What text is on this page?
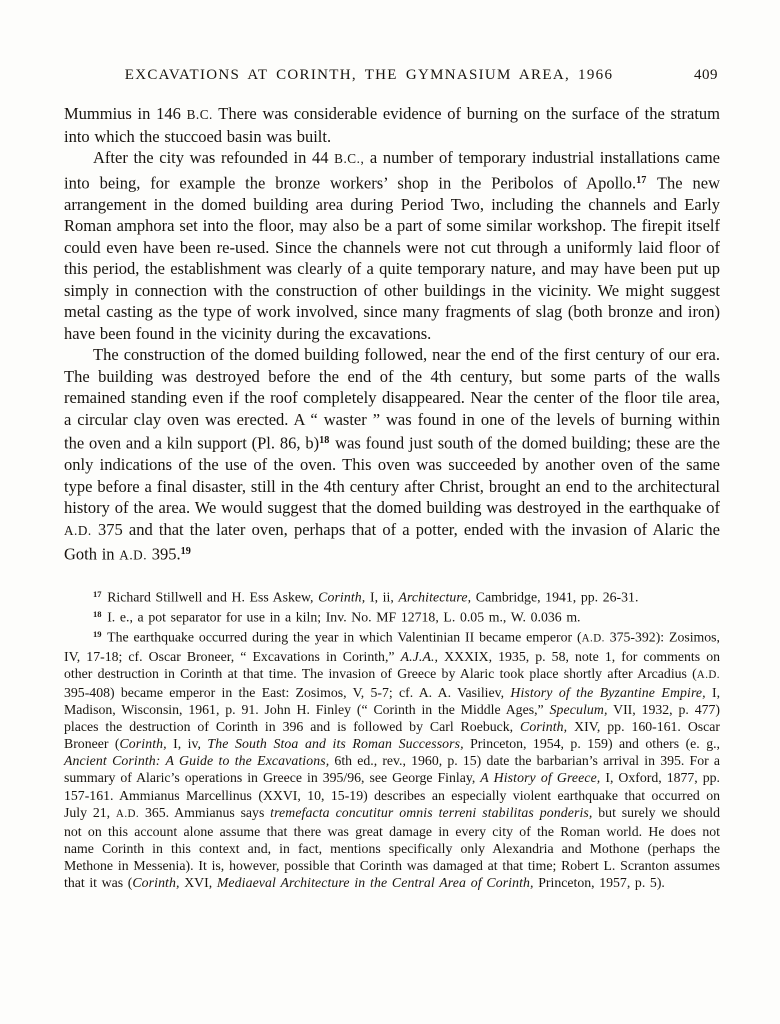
EXCAVATIONS AT CORINTH, THE GYMNASIUM AREA, 1966	409

Mummius in 146 B.C. There was considerable evidence of burning on the surface of the stratum into which the stuccoed basin was built.

After the city was refounded in 44 B.C., a number of temporary industrial installations came into being, for example the bronze workers’ shop in the Peribolos of Apollo.$^{17}$ The new arrangement in the domed building area during Period Two, including the channels and Early Roman amphora set into the floor, may also be a part of some similar workshop. The firepit itself could even have been re-used. Since the channels were not cut through a uniformly laid floor of this period, the establishment was clearly of a quite temporary nature, and may have been put up simply in connection with the construction of other buildings in the vicinity. We might suggest metal casting as the type of work involved, since many fragments of slag (both bronze and iron) have been found in the vicinity during the excavations.

The construction of the domed building followed, near the end of the first century of our era. The building was destroyed before the end of the 4th century, but some parts of the walls remained standing even if the roof completely disappeared. Near the center of the floor tile area, a circular clay oven was erected. A “ waster ” was found in one of the levels of burning within the oven and a kiln support (Pl. 86, b)$^{18}$ was found just south of the domed building; these are the only indications of the use of the oven. This oven was succeeded by another oven of the same type before a final disaster, still in the 4th century after Christ, brought an end to the architectural history of the area. We would suggest that the domed building was destroyed in the earthquake of A.D. 375 and that the later oven, perhaps that of a potter, ended with the invasion of Alaric the Goth in A.D. 395.19

$^{17}$ Richard Stillwell and H. Ess Askew, Corinth, I, ii, Architecture, Cambridge, 1941, pp. 26-31.

$^{18}$ I. e., a pot separator for use in a kiln; Inv. No. MF 12718, L. 0.05 m., W. 0.036 m.

$^{19}$ The earthquake occurred during the year in which Valentinian II became emperor (A.D. 375-392): Zosimos, IV, 17-18; cf. Oscar Broneer, “ Excavations in Corinth,” A.J.A., XXXIX, 1935, p. 58, note 1, for comments on other destruction in Corinth at that time. The invasion of Greece by Alaric took place shortly after Arcadius (A.D. 395-408) became emperor in the East: Zosimos, V, 5-7; cf. A. A. Vasiliev, History of the Byzantine Empire, I, Madison, Wisconsin, 1961, p. 91. John H. Finley (“ Corinth in the Middle Ages,” Speculum, VII, 1932, p. 477) places the destruction of Corinth in 396 and is followed by Carl Roebuck, Corinth, XIV, pp. 160-161. Oscar Broneer (Corinth, I, iv, The South Stoa and its Roman Successors, Princeton, 1954, p. 159) and others (e. g., Ancient Corinth: A Guide to the Excavations, 6th ed., rev., 1960, p. 15) date the barbarian’s arrival in 395. For a summary of Alaric’s operations in Greece in 395/96, see George Finlay, A History of Greece, I, Oxford, 1877, pp. 157-161. Ammianus Marcellinus (XXVI, 10, 15-19) describes an especially violent earthquake that occurred on July 21, A.D. 365. Ammianus says tremefacta concutitur omnis terreni stabilitas ponderis, but surely we should not on this account alone assume that there was great damage in every city of the Roman world. He does not name Corinth in this context and, in fact, mentions specifically only Alexandria and Mothone (perhaps the Methone in Messenia). It is, however, possible that Corinth was damaged at that time; Robert L. Scranton assumes that it was (Corinth, XVI, Mediaeval Architecture in the Central Area of Corinth, Princeton, 1957, p. 5).
